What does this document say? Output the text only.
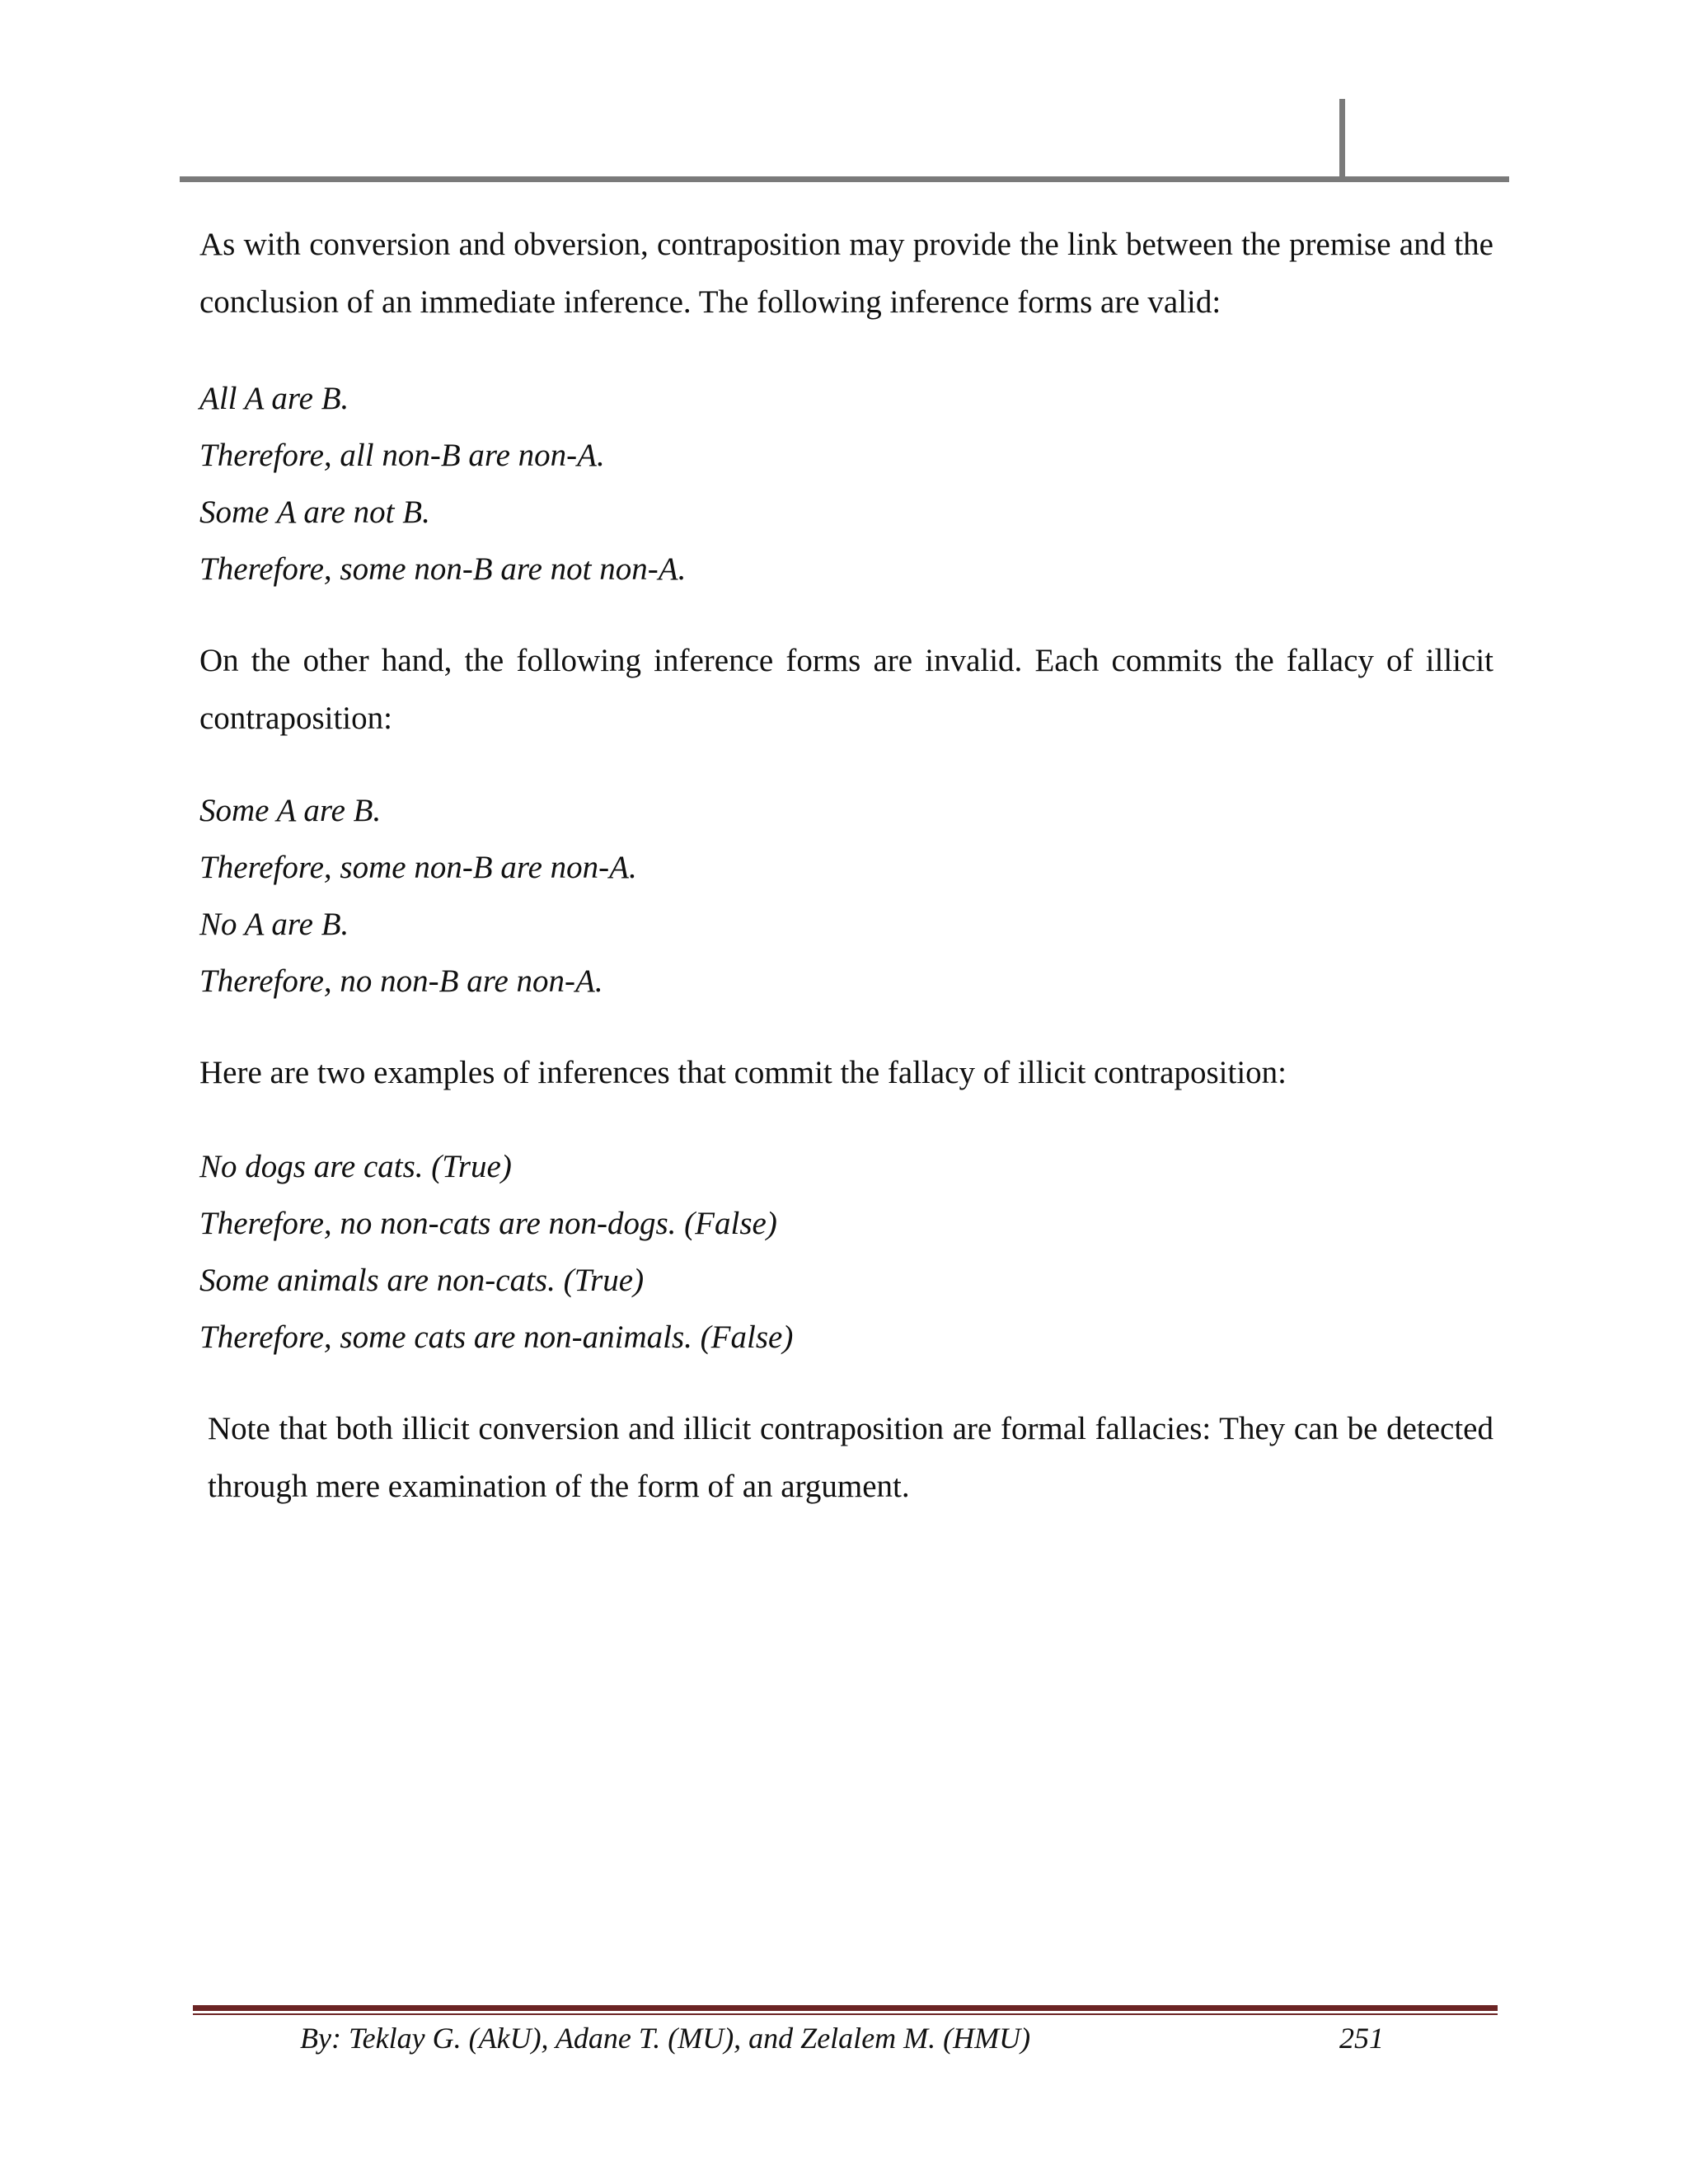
As with conversion and obversion, contraposition may provide the link between the premise and the conclusion of an immediate inference. The following inference forms are valid:

All A are B.
Therefore, all non-B are non-A.
Some A are not B.
Therefore, some non-B are not non-A.

On the other hand, the following inference forms are invalid. Each commits the fallacy of illicit contraposition:

Some A are B.
Therefore, some non-B are non-A.
No A are B.
Therefore, no non-B are non-A.

Here are two examples of inferences that commit the fallacy of illicit contraposition:

No dogs are cats. (True)
Therefore, no non-cats are non-dogs. (False)
Some animals are non-cats. (True)
Therefore, some cats are non-animals. (False)

Note that both illicit conversion and illicit contraposition are formal fallacies: They can be detected through mere examination of the form of an argument.

By: Teklay G. (AkU), Adane T. (MU), and Zelalem M. (HMU)	251
